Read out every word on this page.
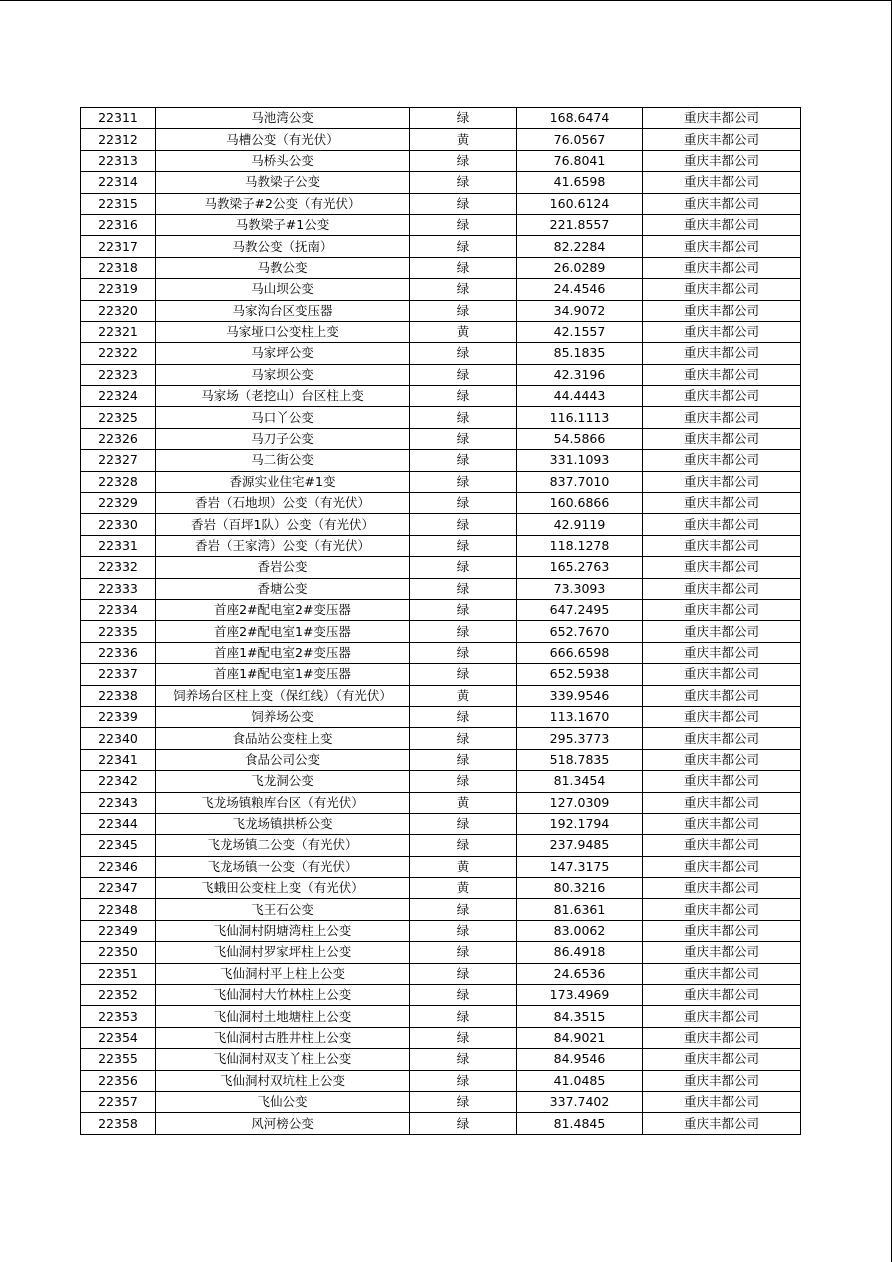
22311	马池湾公变	绿	168.6474	重庆丰都公司
22312	马槽公变（有光伏）	黄	76.0567	重庆丰都公司
22313	马桥头公变	绿	76.8041	重庆丰都公司
22314	马教梁子公变	绿	41.6598	重庆丰都公司
22315	马教梁子#2公变（有光伏）	绿	160.6124	重庆丰都公司
22316	马教梁子#1公变	绿	221.8557	重庆丰都公司
22317	马教公变（抚南）	绿	82.2284	重庆丰都公司
22318	马教公变	绿	26.0289	重庆丰都公司
22319	马山坝公变	绿	24.4546	重庆丰都公司
22320	马家沟台区变压器	绿	34.9072	重庆丰都公司
22321	马家垭口公变柱上变	黄	42.1557	重庆丰都公司
22322	马家坪公变	绿	85.1835	重庆丰都公司
22323	马家坝公变	绿	42.3196	重庆丰都公司
22324	马家场（老挖山）台区柱上变	绿	44.4443	重庆丰都公司
22325	马口丫公变	绿	116.1113	重庆丰都公司
22326	马刀子公变	绿	54.5866	重庆丰都公司
22327	马二街公变	绿	331.1093	重庆丰都公司
22328	香源实业住宅#1变	绿	837.7010	重庆丰都公司
22329	香岩（石地坝）公变（有光伏）	绿	160.6866	重庆丰都公司
22330	香岩（百坪1队）公变（有光伏）	绿	42.9119	重庆丰都公司
22331	香岩（王家湾）公变（有光伏）	绿	118.1278	重庆丰都公司
22332	香岩公变	绿	165.2763	重庆丰都公司
22333	香塘公变	绿	73.3093	重庆丰都公司
22334	首座2#配电室2#变压器	绿	647.2495	重庆丰都公司
22335	首座2#配电室1#变压器	绿	652.7670	重庆丰都公司
22336	首座1#配电室2#变压器	绿	666.6598	重庆丰都公司
22337	首座1#配电室1#变压器	绿	652.5938	重庆丰都公司
22338	饲养场台区柱上变（保红线）（有光伏）	黄	339.9546	重庆丰都公司
22339	饲养场公变	绿	113.1670	重庆丰都公司
22340	食品站公变柱上变	绿	295.3773	重庆丰都公司
22341	食品公司公变	绿	518.7835	重庆丰都公司
22342	飞龙洞公变	绿	81.3454	重庆丰都公司
22343	飞龙场镇粮库台区（有光伏）	黄	127.0309	重庆丰都公司
22344	飞龙场镇拱桥公变	绿	192.1794	重庆丰都公司
22345	飞龙场镇二公变（有光伏）	绿	237.9485	重庆丰都公司
22346	飞龙场镇一公变（有光伏）	黄	147.3175	重庆丰都公司
22347	飞蛾田公变柱上变（有光伏）	黄	80.3216	重庆丰都公司
22348	飞王石公变	绿	81.6361	重庆丰都公司
22349	飞仙洞村阴塘湾柱上公变	绿	83.0062	重庆丰都公司
22350	飞仙洞村罗家坪柱上公变	绿	86.4918	重庆丰都公司
22351	飞仙洞村平上柱上公变	绿	24.6536	重庆丰都公司
22352	飞仙洞村大竹林柱上公变	绿	173.4969	重庆丰都公司
22353	飞仙洞村土地塘柱上公变	绿	84.3515	重庆丰都公司
22354	飞仙洞村古胜井柱上公变	绿	84.9021	重庆丰都公司
22355	飞仙洞村双支丫柱上公变	绿	84.9546	重庆丰都公司
22356	飞仙洞村双坑柱上公变	绿	41.0485	重庆丰都公司
22357	飞仙公变	绿	337.7402	重庆丰都公司
22358	风河榜公变	绿	81.4845	重庆丰都公司
